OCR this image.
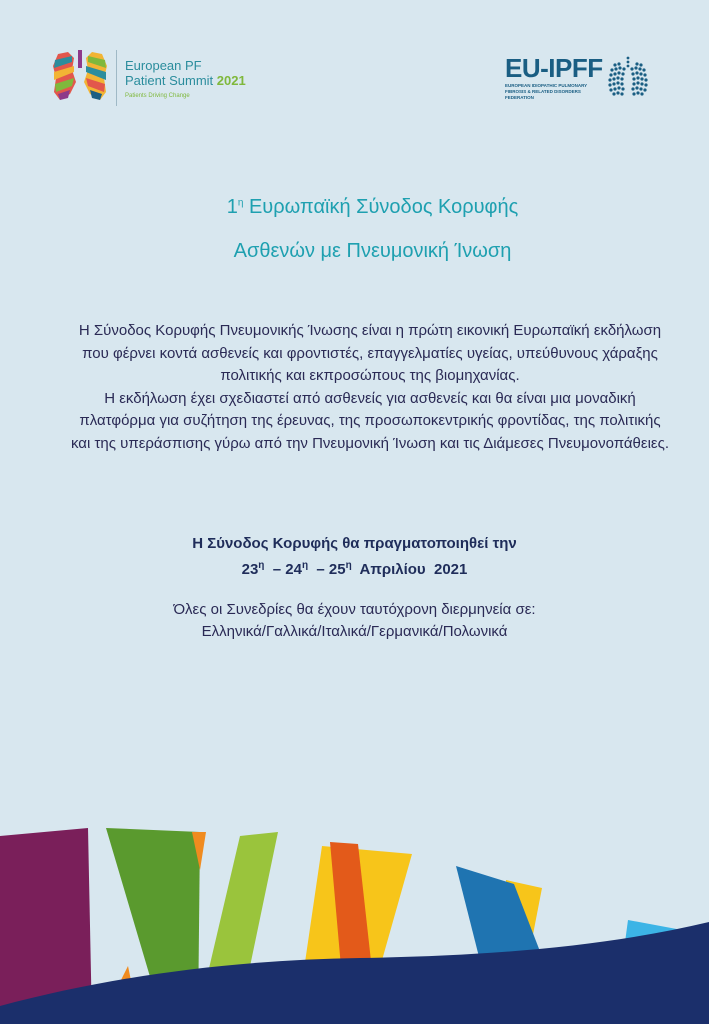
European PF
Patient Summit 2021
Patients Driving Change
EU-IPFF
EUROPEAN IDIOPATHIC PULMONARY FIBROSIS & RELATED DISORDERS FEDERATION
$1^\eta$ Ευρωπαϊκή Σύνοδος Κορυφής
Ασθενών με Πνευμονική Ίνωση
Η Σύνοδος Κορυφής Πνευμονικής Ίνωσης είναι η πρώτη εικονική Ευρωπαϊκή εκδήλωση που φέρνει κοντά ασθενείς και φροντιστές, επαγγελματίες υγείας, υπεύθυνους χάραξης πολιτικής και εκπροσώπους της βιομηχανίας.
Η εκδήλωση έχει σχεδιαστεί από ασθενείς για ασθενείς και θα είναι μια μοναδική πλατφόρμα για συζήτηση της έρευνας, της προσωποκεντρικής φροντίδας, της πολιτικής και της υπεράσπισης γύρω από την Πνευμονική Ίνωση και τις Διάμεσες Πνευμονοπάθειες.
Η Σύνοδος Κορυφής θα πραγματοποιηθεί την
$23^\eta - 24^\eta - 25^\eta$ Απριλίου  2021
Όλες οι Συνεδρίες θα έχουν ταυτόχρονη διερμηνεία σε:
Ελληνικά/Γαλλικά/Ιταλικά/Γερμανικά/Πολωνικά
